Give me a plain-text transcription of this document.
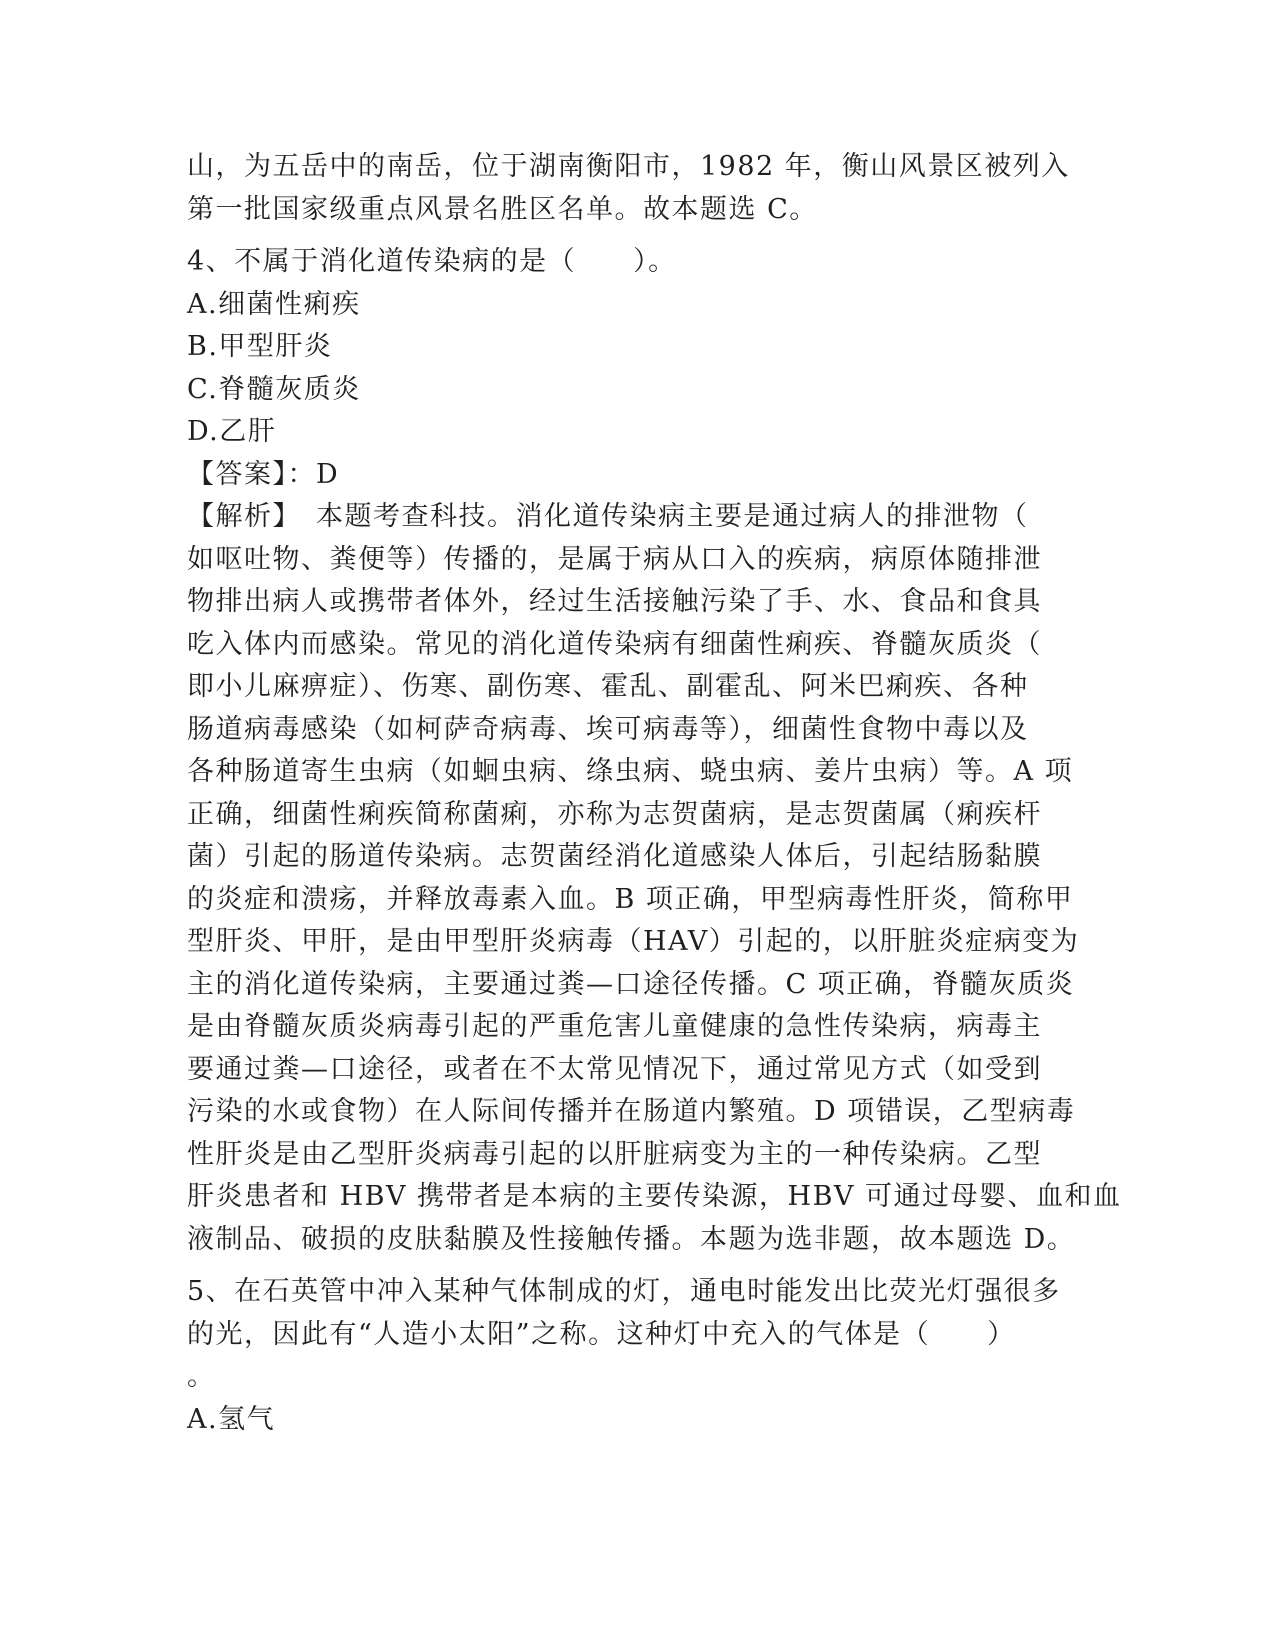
山，为五岳中的南岳，位于湖南衡阳市，1982 年，衡山风景区被列入
第一批国家级重点风景名胜区名单。故本题选 C。
4、不属于消化道传染病的是（　　）。
A.细菌性痢疾
B.甲型肝炎
C.脊髓灰质炎
D.乙肝
【答案】：D
【解析】　本题考查科技。消化道传染病主要是通过病人的排泄物（
如呕吐物、粪便等）传播的，是属于病从口入的疾病，病原体随排泄
物排出病人或携带者体外，经过生活接触污染了手、水、食品和食具
吃入体内而感染。常见的消化道传染病有细菌性痢疾、脊髓灰质炎（
即小儿麻痹症）、伤寒、副伤寒、霍乱、副霍乱、阿米巴痢疾、各种
肠道病毒感染（如柯萨奇病毒、埃可病毒等），细菌性食物中毒以及
各种肠道寄生虫病（如蛔虫病、绦虫病、蛲虫病、姜片虫病）等。A 项
正确，细菌性痢疾简称菌痢，亦称为志贺菌病，是志贺菌属（痢疾杆
菌）引起的肠道传染病。志贺菌经消化道感染人体后，引起结肠黏膜
的炎症和溃疡，并释放毒素入血。B 项正确，甲型病毒性肝炎，简称甲
型肝炎、甲肝，是由甲型肝炎病毒（HAV）引起的，以肝脏炎症病变为
主的消化道传染病，主要通过粪—口途径传播。C 项正确，脊髓灰质炎
是由脊髓灰质炎病毒引起的严重危害儿童健康的急性传染病，病毒主
要通过粪—口途径，或者在不太常见情况下，通过常见方式（如受到
污染的水或食物）在人际间传播并在肠道内繁殖。D 项错误，乙型病毒
性肝炎是由乙型肝炎病毒引起的以肝脏病变为主的一种传染病。乙型
肝炎患者和 HBV 携带者是本病的主要传染源，HBV 可通过母婴、血和血
液制品、破损的皮肤黏膜及性接触传播。本题为选非题，故本题选 D。
5、在石英管中冲入某种气体制成的灯，通电时能发出比荧光灯强很多
的光，因此有“人造小太阳”之称。这种灯中充入的气体是（　　）
。
A.氢气
